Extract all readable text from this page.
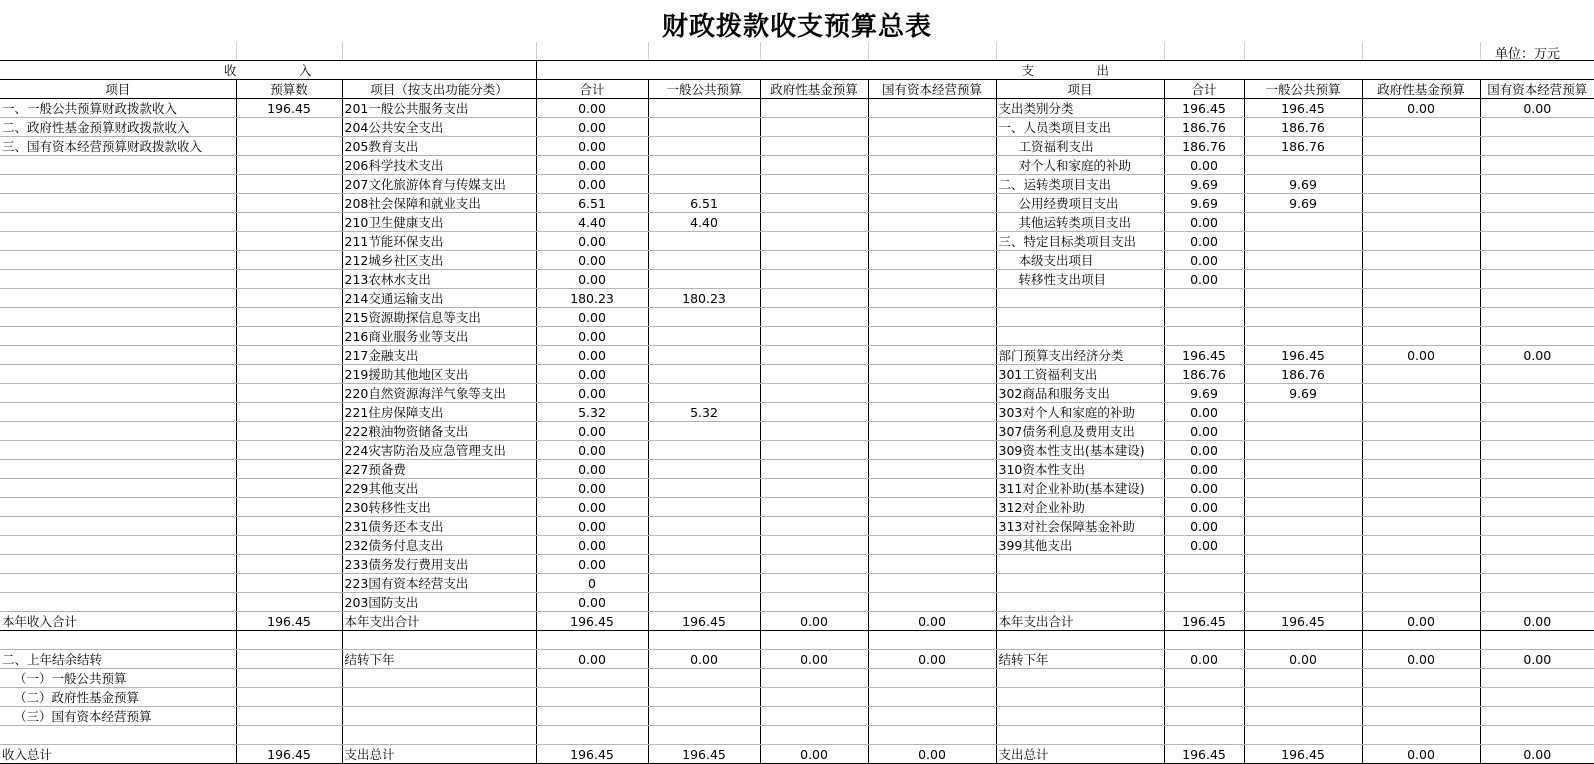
财政拨款收支预算总表
单位：万元
收　　　　　入			支　　　　　出								
项目	预算数	项目（按支出功能分类）	合计	一般公共预算	政府性基金预算	国有资本经营预算	项目	合计	一般公共预算	政府性基金预算	国有资本经营预算
一、一般公共预算财政拨款收入	196.45	201一般公共服务支出	0.00				支出类别分类	196.45	196.45	0.00	0.00
二、政府性基金预算财政拨款收入		204公共安全支出	0.00				一、人员类项目支出	186.76	186.76		
三、国有资本经营预算财政拨款收入		205教育支出	0.00				工资福利支出	186.76	186.76		
		206科学技术支出	0.00				对个人和家庭的补助	0.00			
		207文化旅游体育与传媒支出	0.00				二、运转类项目支出	9.69	9.69		
		208社会保障和就业支出	6.51	6.51			公用经费项目支出	9.69	9.69		
		210卫生健康支出	4.40	4.40			其他运转类项目支出	0.00			
		211节能环保支出	0.00				三、特定目标类项目支出	0.00			
		212城乡社区支出	0.00				本级支出项目	0.00			
		213农林水支出	0.00				转移性支出项目	0.00			
		214交通运输支出	180.23	180.23							
		215资源勘探信息等支出	0.00								
		216商业服务业等支出	0.00								
		217金融支出	0.00				部门预算支出经济分类	196.45	196.45	0.00	0.00
		219援助其他地区支出	0.00				301工资福利支出	186.76	186.76		
		220自然资源海洋气象等支出	0.00				302商品和服务支出	9.69	9.69		
		221住房保障支出	5.32	5.32			303对个人和家庭的补助	0.00			
		222粮油物资储备支出	0.00				307债务利息及费用支出	0.00			
		224灾害防治及应急管理支出	0.00				309资本性支出(基本建设)	0.00			
		227预备费	0.00				310资本性支出	0.00			
		229其他支出	0.00				311对企业补助(基本建设)	0.00			
		230转移性支出	0.00				312对企业补助	0.00			
		231债务还本支出	0.00				313对社会保障基金补助	0.00			
		232债务付息支出	0.00				399其他支出	0.00			
		233债务发行费用支出	0.00								
		223国有资本经营支出	0								
		203国防支出	0.00								
本年收入合计	196.45	本年支出合计	196.45	196.45	0.00	0.00	本年支出合计	196.45	196.45	0.00	0.00

二、上年结余结转		结转下年	0.00	0.00	0.00	0.00	结转下年	0.00	0.00	0.00	0.00
（一）一般公共预算											
（二）政府性基金预算											
（三）国有资本经营预算											

收入总计	196.45	支出总计	196.45	196.45	0.00	0.00	支出总计	196.45	196.45	0.00	0.00
